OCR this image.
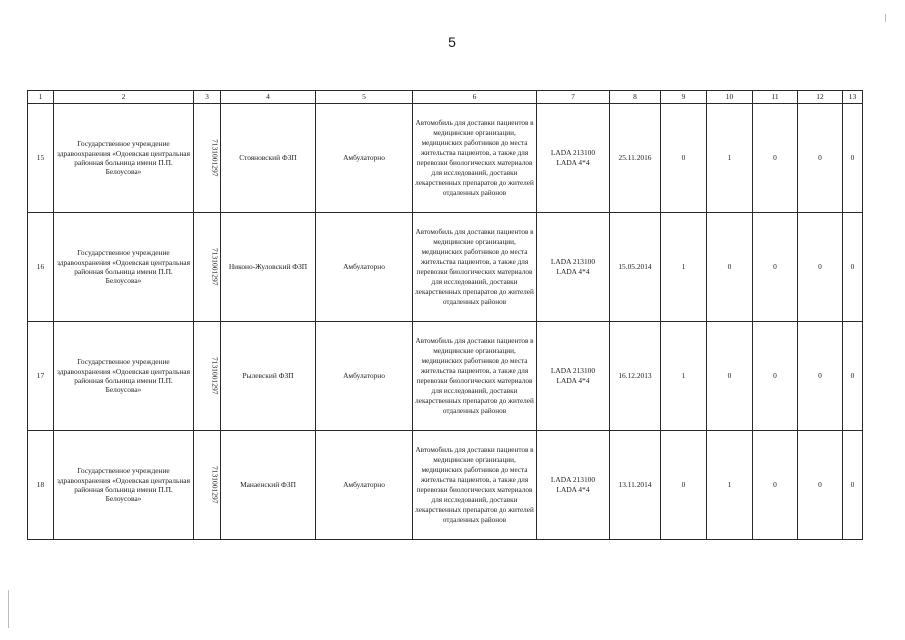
5
1	2	3	4	5	6	7	8	9	10	11	12	13
15	Государственное учреждение здравоохранения «Одоевская центральная районная больница имени П.П. Белоусова»	7131001297	Стояновский ФЗП	Амбулаторно	Автомобиль для доставки пациентов в медицинские организации, медицинских работников до места жительства пациентов, а также для перевозки биологических материалов для исследований, доставки лекарственных препаратов до жителей отдаленных районов	LADA 213100
LADA 4*4	25.11.2016	0	1	0	0	0
16	Государственное учреждение здравоохранения «Одоевская центральная районная больница имени П.П. Белоусова»	7131001297	Никоно-Жуловский ФЗП	Амбулаторно	Автомобиль для доставки пациентов в медицинские организации, медицинских работников до места жительства пациентов, а также для перевозки биологических материалов для исследований, доставки лекарственных препаратов до жителей отдаленных районов	LADA 213100
LADA 4*4	15.05.2014	1	0	0	0	0
17	Государственное учреждение здравоохранения «Одоевская центральная районная больница имени П.П. Белоусова»	7131001297	Рылевский ФЗП	Амбулаторно	Автомобиль для доставки пациентов в медицинские организации, медицинских работников до места жительства пациентов, а также для перевозки биологических материалов для исследований, доставки лекарственных препаратов до жителей отдаленных районов	LADA 213100
LADA 4*4	16.12.2013	1	0	0	0	0
18	Государственное учреждение здравоохранения «Одоевская центральная районная больница имени П.П. Белоусова»	7131001297	Манаенский ФЗП	Амбулаторно	Автомобиль для доставки пациентов в медицинские организации, медицинских работников до места жительства пациентов, а также для перевозки биологических материалов для исследований, доставки лекарственных препаратов до жителей отдаленных районов	LADA 213100
LADA 4*4	13.11.2014	0	1	0	0	0
